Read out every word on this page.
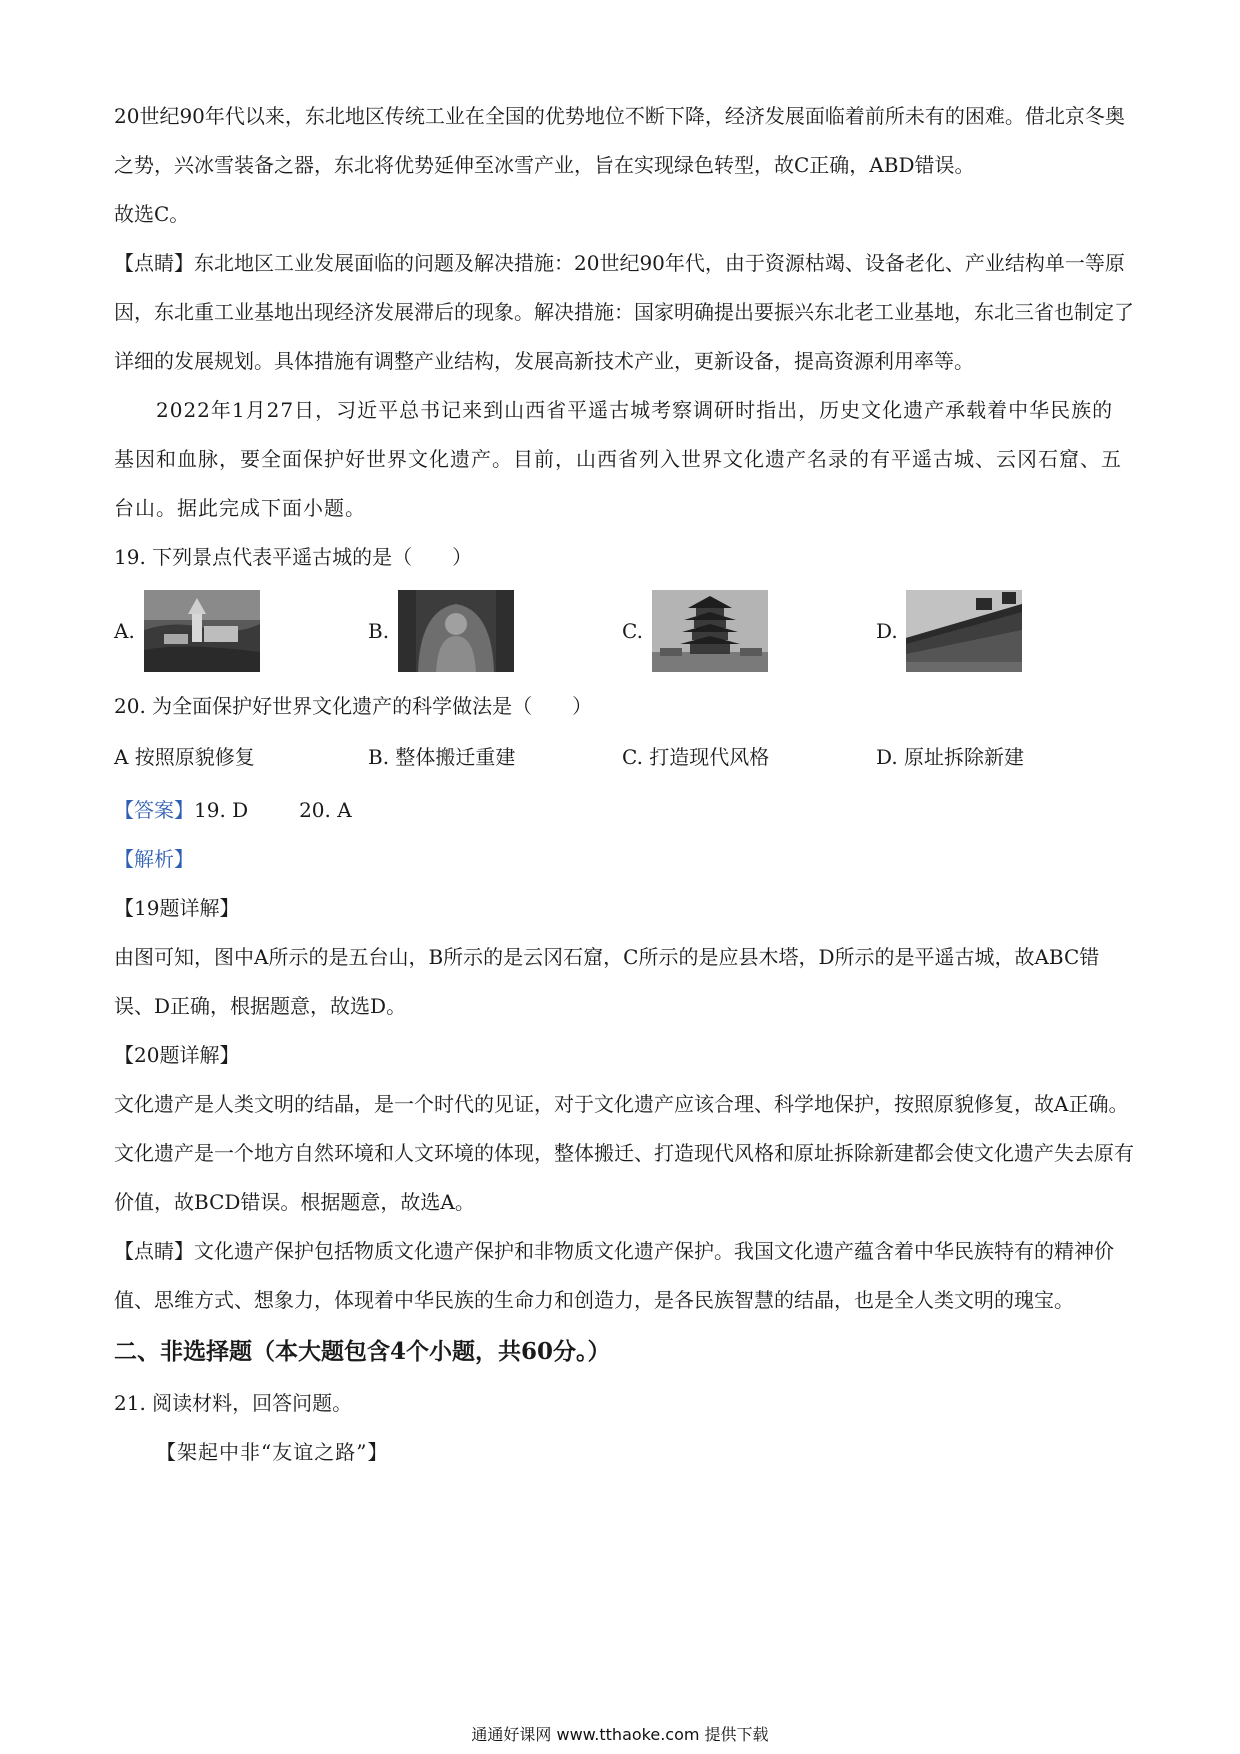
20世纪90年代以来，东北地区传统工业在全国的优势地位不断下降，经济发展面临着前所未有的困难。借北京冬奥之势，兴冰雪装备之器，东北将优势延伸至冰雪产业，旨在实现绿色转型，故C正确，ABD错误。

故选C。

【点睛】东北地区工业发展面临的问题及解决措施：20世纪90年代，由于资源枯竭、设备老化、产业结构单一等原因，东北重工业基地出现经济发展滞后的现象。解决措施：国家明确提出要振兴东北老工业基地，东北三省也制定了详细的发展规划。具体措施有调整产业结构，发展高新技术产业，更新设备，提高资源利用率等。

2022年1月27日，习近平总书记来到山西省平遥古城考察调研时指出，历史文化遗产承载着中华民族的基因和血脉，要全面保护好世界文化遗产。目前，山西省列入世界文化遗产名录的有平遥古城、云冈石窟、五台山。据此完成下面小题。

19. 下列景点代表平遥古城的是（　　）

A.	B.	C.	D.

20. 为全面保护好世界文化遗产的科学做法是（　　）

A 按照原貌修复	B. 整体搬迁重建	C. 打造现代风格	D. 原址拆除新建

【答案】19. D	20. A

【解析】

【19题详解】

由图可知，图中A所示的是五台山，B所示的是云冈石窟，C所示的是应县木塔，D所示的是平遥古城，故ABC错误、D正确，根据题意，故选D。

【20题详解】

文化遗产是人类文明的结晶，是一个时代的见证，对于文化遗产应该合理、科学地保护，按照原貌修复，故A正确。文化遗产是一个地方自然环境和人文环境的体现，整体搬迁、打造现代风格和原址拆除新建都会使文化遗产失去原有价值，故BCD错误。根据题意，故选A。

【点睛】文化遗产保护包括物质文化遗产保护和非物质文化遗产保护。我国文化遗产蕴含着中华民族特有的精神价值、思维方式、想象力，体现着中华民族的生命力和创造力，是各民族智慧的结晶，也是全人类文明的瑰宝。

二、非选择题（本大题包含4个小题，共60分。）

21. 阅读材料，回答问题。

【架起中非“友谊之路”】

通通好课网 www.tthaoke.com 提供下载
